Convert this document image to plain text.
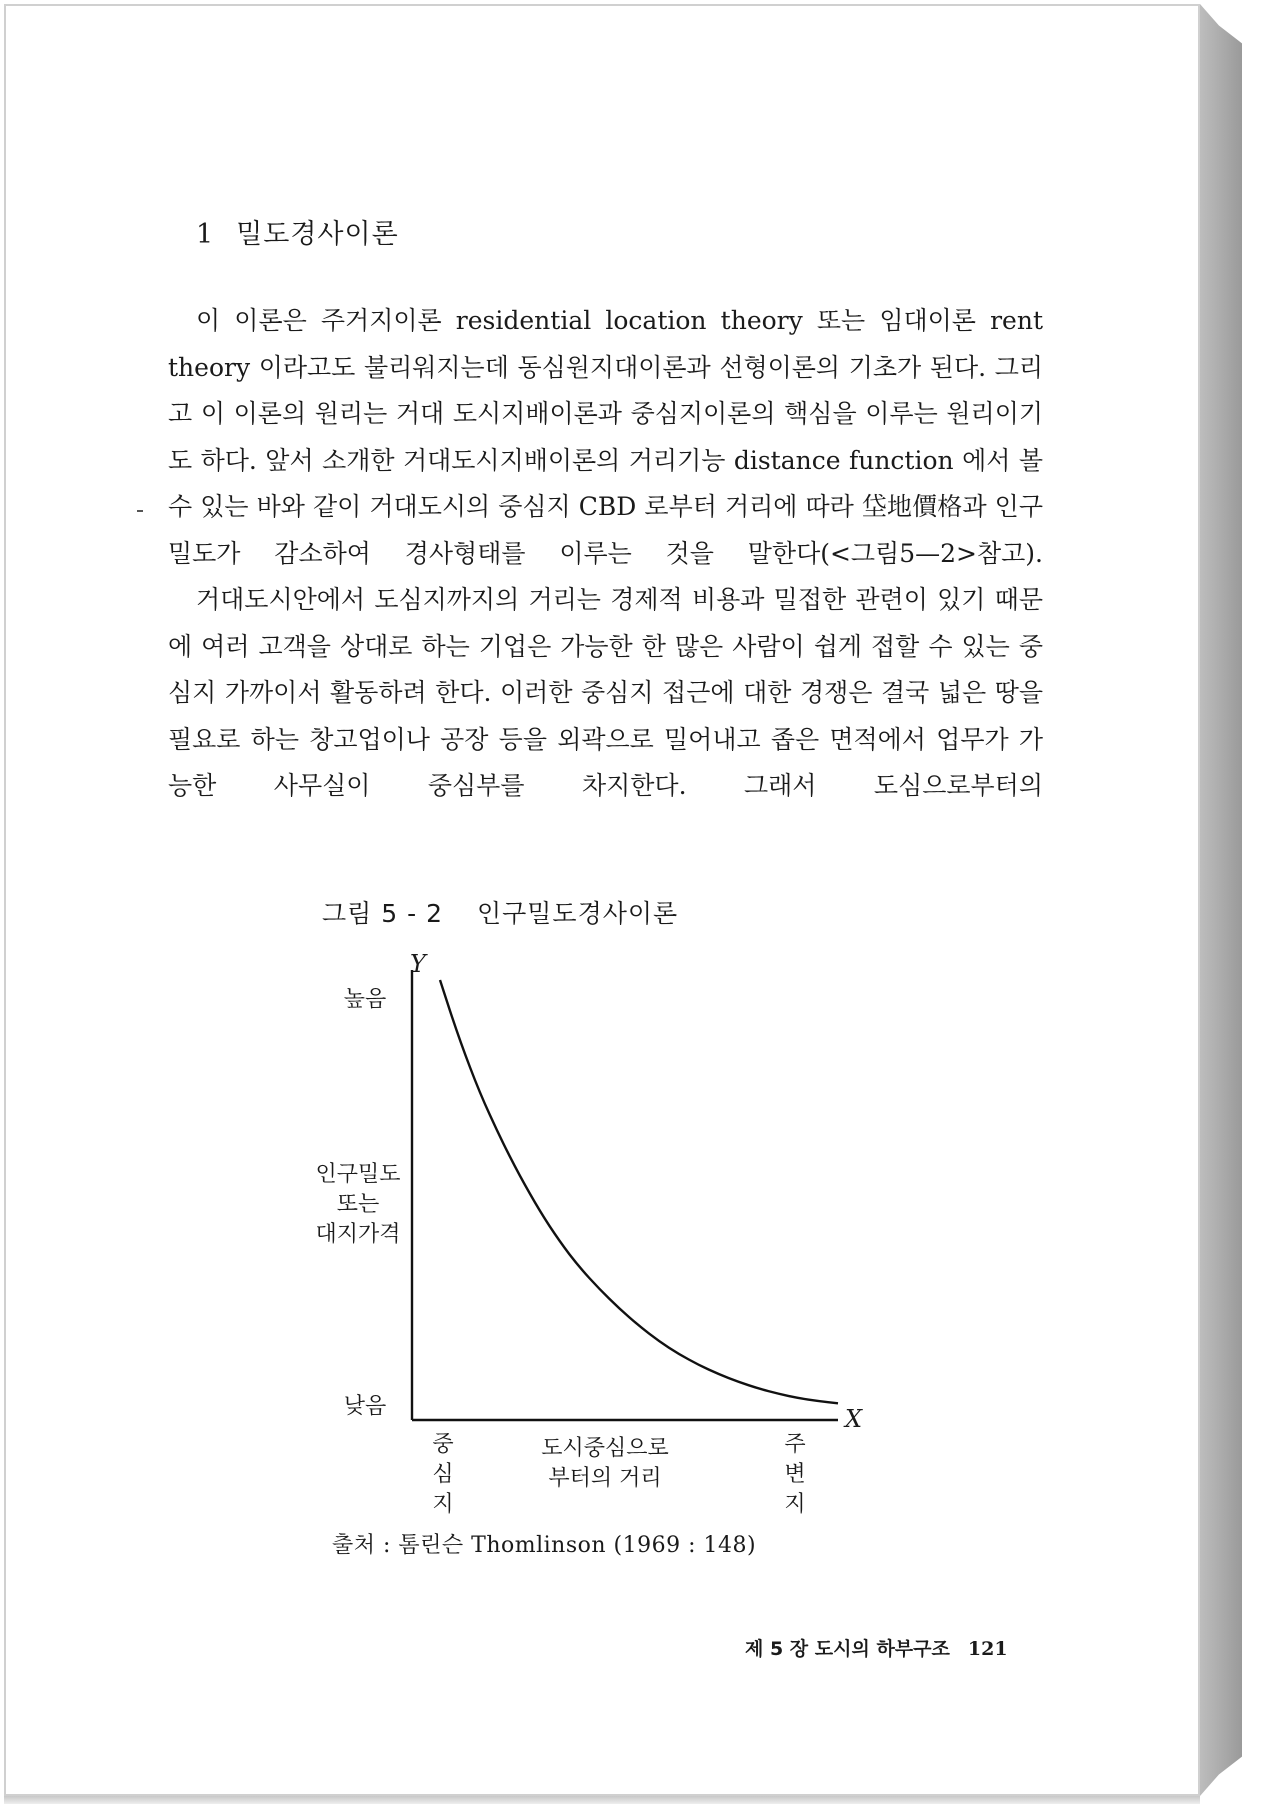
1 밀도경사이론

이 이론은 주거지이론 residential location theory 또는 임대이론 rent theory 이라고도 불리워지는데 동심원지대이론과 선형이론의 기초가 된다. 그리고 이 이론의 원리는 거대 도시지배이론과 중심지이론의 핵심을 이루는 원리이기도 하다. 앞서 소개한 거대도시지배이론의 거리기능 distance function 에서 볼 수 있는 바와 같이 거대도시의 중심지 CBD 로부터 거리에 따라 垈地價格과 인구밀도가 감소하여 경사형태를 이루는 것을 말한다(<그림5—2>참고).

거대도시안에서 도심지까지의 거리는 경제적 비용과 밀접한 관련이 있기 때문에 여러 고객을 상대로 하는 기업은 가능한 한 많은 사람이 쉽게 접할 수 있는 중심지 가까이서 활동하려 한다. 이러한 중심지 접근에 대한 경쟁은 결국 넓은 땅을 필요로 하는 창고업이나 공장 등을 외곽으로 밀어내고 좁은 면적에서 업무가 가능한 사무실이 중심부를 차지한다. 그래서 도심으로부터의

그림 5 - 2 인구밀도경사이론
Y
X
높음
인구밀도
또는
대지가격
낮음
중
심
지
도시중심으로
부터의 거리
주
변
지
출처 : 톰린슨 Thomlinson (1969 : 148)
제 5 장 도시의 하부구조 121
